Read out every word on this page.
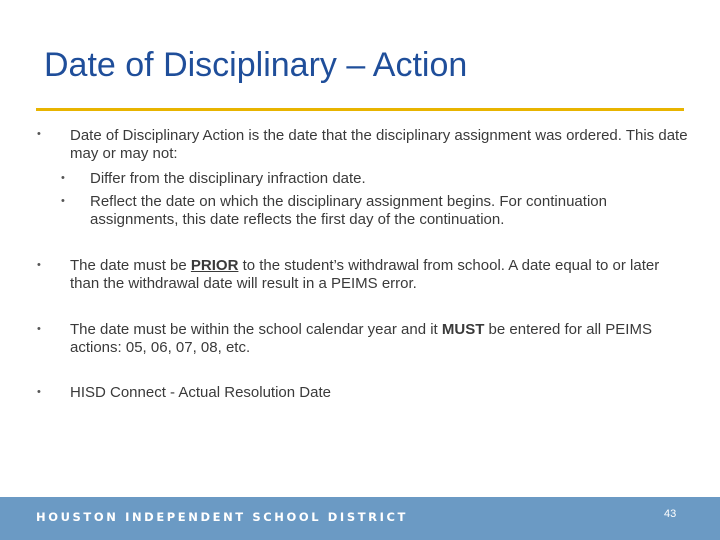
Date of Disciplinary – Action
• Date of Disciplinary Action is the date that the disciplinary assignment was ordered. This date may or may not:
• Differ from the disciplinary infraction date.
• Reflect the date on which the disciplinary assignment begins. For continuation assignments, this date reflects the first day of the continuation.
• The date must be PRIOR to the student’s withdrawal from school. A date equal to or later than the withdrawal date will result in a PEIMS error.
• The date must be within the school calendar year and it MUST be entered for all PEIMS actions: 05, 06, 07, 08, etc.
• HISD Connect - Actual Resolution Date
HOUSTON INDEPENDENT SCHOOL DISTRICT	43
